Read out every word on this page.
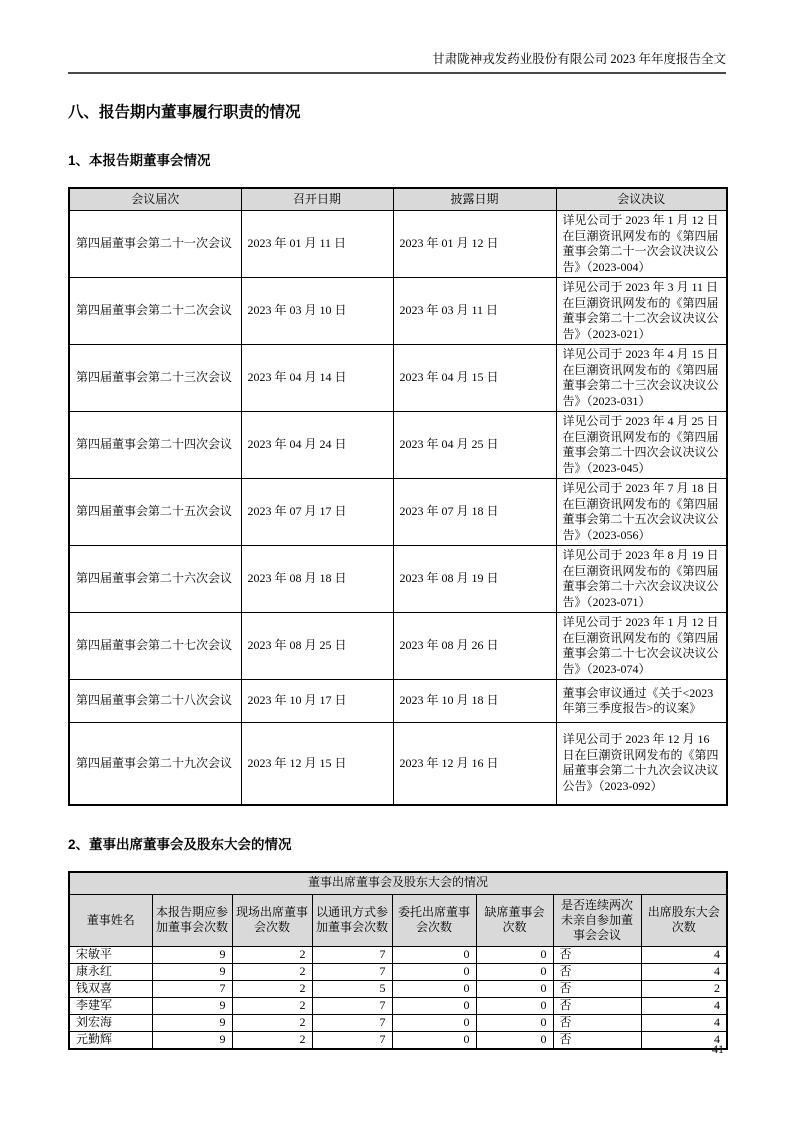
甘肃陇神戎发药业股份有限公司 2023 年年度报告全文
八、报告期内董事履行职责的情况
1、本报告期董事会情况
会议届次	召开日期	披露日期	会议决议
第四届董事会第二十一次会议	2023 年 01 月 11 日	2023 年 01 月 12 日	详见公司于 2023 年 1 月 12 日在巨潮资讯网发布的《第四届董事会第二十一次会议决议公告》（2023-004）
第四届董事会第二十二次会议	2023 年 03 月 10 日	2023 年 03 月 11 日	详见公司于 2023 年 3 月 11 日在巨潮资讯网发布的《第四届董事会第二十二次会议决议公告》（2023-021）
第四届董事会第二十三次会议	2023 年 04 月 14 日	2023 年 04 月 15 日	详见公司于 2023 年 4 月 15 日在巨潮资讯网发布的《第四届董事会第二十三次会议决议公告》（2023-031）
第四届董事会第二十四次会议	2023 年 04 月 24 日	2023 年 04 月 25 日	详见公司于 2023 年 4 月 25 日在巨潮资讯网发布的《第四届董事会第二十四次会议决议公告》（2023-045）
第四届董事会第二十五次会议	2023 年 07 月 17 日	2023 年 07 月 18 日	详见公司于 2023 年 7 月 18 日在巨潮资讯网发布的《第四届董事会第二十五次会议决议公告》（2023-056）
第四届董事会第二十六次会议	2023 年 08 月 18 日	2023 年 08 月 19 日	详见公司于 2023 年 8 月 19 日在巨潮资讯网发布的《第四届董事会第二十六次会议决议公告》（2023-071）
第四届董事会第二十七次会议	2023 年 08 月 25 日	2023 年 08 月 26 日	详见公司于 2023 年 1 月 12 日在巨潮资讯网发布的《第四届董事会第二十七次会议决议公告》（2023-074）
第四届董事会第二十八次会议	2023 年 10 月 17 日	2023 年 10 月 18 日	董事会审议通过《关于<2023 年第三季度报告>的议案》
第四届董事会第二十九次会议	2023 年 12 月 15 日	2023 年 12 月 16 日	详见公司于 2023 年 12 月 16 日在巨潮资讯网发布的《第四届董事会第二十九次会议决议公告》（2023-092）
2、董事出席董事会及股东大会的情况
董事出席董事会及股东大会的情况							
董事姓名	本报告期应参加董事会次数	现场出席董事会次数	以通讯方式参加董事会次数	委托出席董事会次数	缺席董事会次数	是否连续两次未亲自参加董事会会议	出席股东大会次数
宋敏平	9	2	7	0	0	否	4
康永红	9	2	7	0	0	否	4
钱双喜	7	2	5	0	0	否	2
李建军	9	2	7	0	0	否	4
刘宏海	9	2	7	0	0	否	4
元勤辉	9	2	7	0	0	否	4
41
